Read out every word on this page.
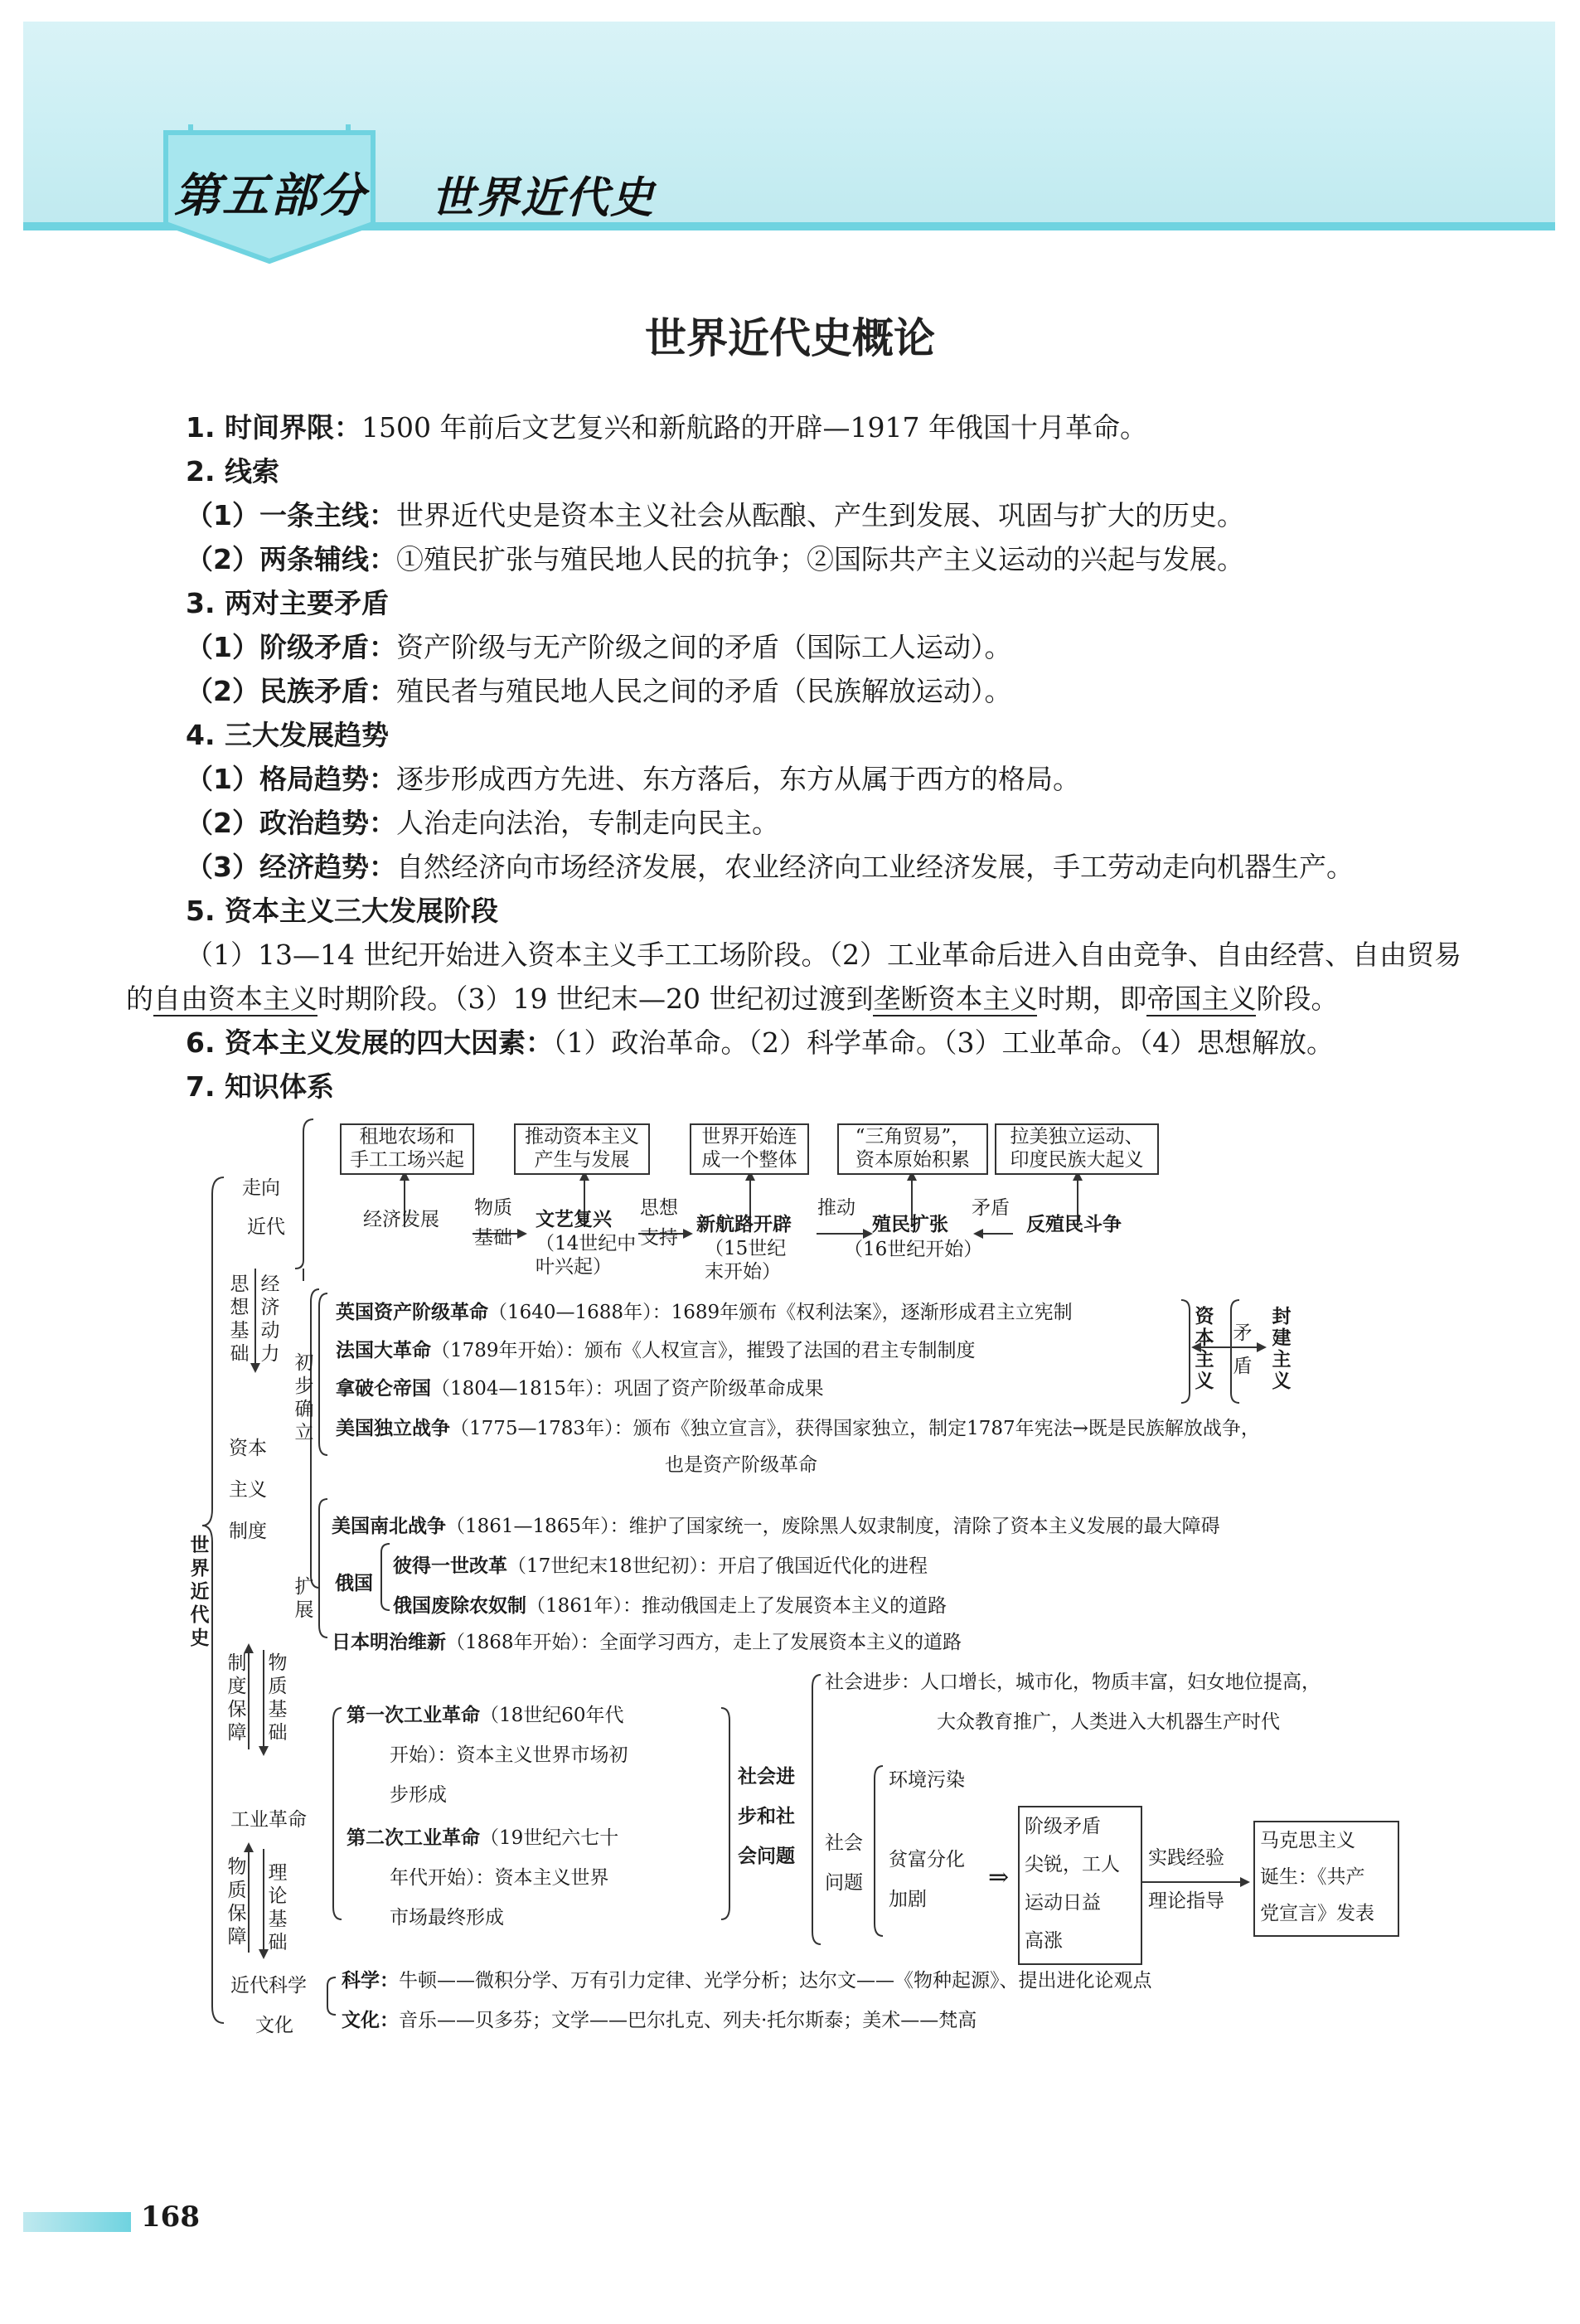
第五部分 世界近代史
世界近代史概论
1. 时间界限：1500 年前后文艺复兴和新航路的开辟—1917 年俄国十月革命。
2. 线索
（1）一条主线：世界近代史是资本主义社会从酝酿、产生到发展、巩固与扩大的历史。
（2）两条辅线：①殖民扩张与殖民地人民的抗争；②国际共产主义运动的兴起与发展。
3. 两对主要矛盾
（1）阶级矛盾：资产阶级与无产阶级之间的矛盾（国际工人运动）。
（2）民族矛盾：殖民者与殖民地人民之间的矛盾（民族解放运动）。
4. 三大发展趋势
（1）格局趋势：逐步形成西方先进、东方落后，东方从属于西方的格局。
（2）政治趋势：人治走向法治，专制走向民主。
（3）经济趋势：自然经济向市场经济发展，农业经济向工业经济发展，手工劳动走向机器生产。
5. 资本主义三大发展阶段
（1）13—14 世纪开始进入资本主义手工工场阶段。（2）工业革命后进入自由竞争、自由经营、自由贸易
的自由资本主义时期阶段。（3）19 世纪末—20 世纪初过渡到垄断资本主义时期，即帝国主义阶段。
6. 资本主义发展的四大因素：（1）政治革命。（2）科学革命。（3）工业革命。（4）思想解放。
7. 知识体系
世界近代史
走向
近代
思想基础
经济动力
资本
主义
制度
初步确立
扩展
制度保障
物质基础
工业革命
物质保障
理论基础
近代科学
文化
租地农场和
手工工场兴起
推动资本主义
产生与发展
世界开始连
成一个整体
“三角贸易”，
资本原始积累
拉美独立运动、
印度民族大起义
经济发展
物质
基础
文艺复兴
（14世纪中
叶兴起）
思想
支持
新航路开辟
（15世纪
末开始）
推动
殖民扩张
（16世纪开始）
矛盾
反殖民斗争
英国资产阶级革命（1640—1688年）：1689年颁布《权利法案》，逐渐形成君主立宪制
法国大革命（1789年开始）：颁布《人权宣言》，摧毁了法国的君主专制制度
拿破仑帝国（1804—1815年）：巩固了资产阶级革命成果
美国独立战争（1775—1783年）：颁布《独立宣言》，获得国家独立，制定1787年宪法→既是民族解放战争，
也是资产阶级革命
资本主义
封建主义
矛盾
美国南北战争（1861—1865年）：维护了国家统一，废除黑人奴隶制度，清除了资本主义发展的最大障碍
俄国
彼得一世改革（17世纪末18世纪初）：开启了俄国近代化的进程
俄国废除农奴制（1861年）：推动俄国走上了发展资本主义的道路
日本明治维新（1868年开始）：全面学习西方，走上了发展资本主义的道路
第一次工业革命（18世纪60年代
开始）：资本主义世界市场初
步形成
第二次工业革命（19世纪六七十
年代开始）：资本主义世界
市场最终形成
社会进
步和社
会问题
社会进步：人口增长，城市化，物质丰富，妇女地位提高，
大众教育推广，人类进入大机器生产时代
社会
问题
环境污染
贫富分化
加剧
⇒
阶级矛盾
尖锐，工人
运动日益
高涨
实践经验
理论指导
马克思主义
诞生：《共产
党宣言》发表
科学：牛顿——微积分学、万有引力定律、光学分析；达尔文——《物种起源》、提出进化论观点
文化：音乐——贝多芬；文学——巴尔扎克、列夫·托尔斯泰；美术——梵高
168
